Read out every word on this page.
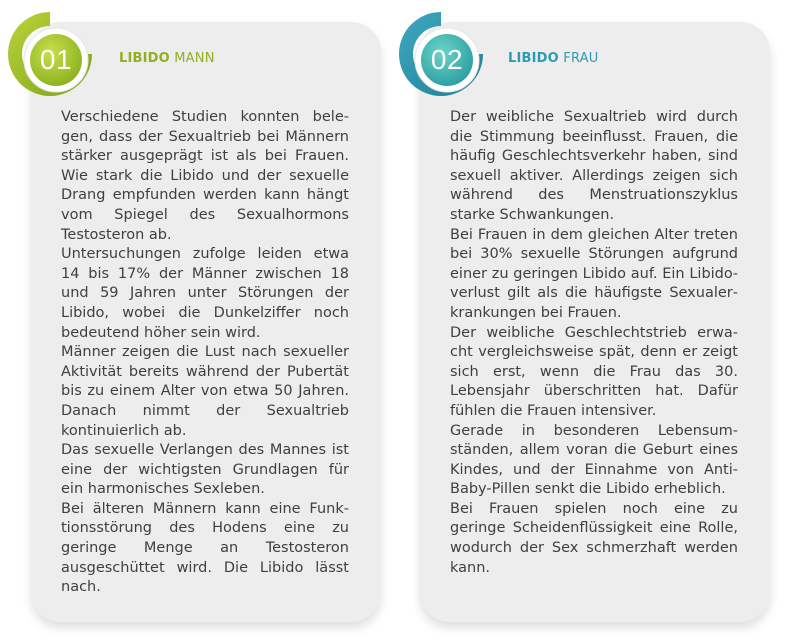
01	LIBIDO MANN

Verschiedene Studien konnten belegen, dass der Sexualtrieb bei Männern stärker ausgeprägt ist als bei Frauen. Wie stark die Libido und der sexuelle Drang empfunden werden kann hängt vom Spiegel des Sexualhormons Testosteron ab.

Untersuchungen zufolge leiden etwa 14 bis 17% der Männer zwischen 18 und 59 Jahren unter Störungen der Libido, wobei die Dunkelziffer noch bedeutend höher sein wird.

Männer zeigen die Lust nach sexueller Aktivität bereits während der Pubertät bis zu einem Alter von etwa 50 Jahren. Danach nimmt der Sexualtrieb kontinuierlich ab.

Das sexuelle Verlangen des Mannes ist eine der wichtigsten Grundlagen für ein harmonisches Sexleben.

Bei älteren Männern kann eine Funktionsstörung des Hodens eine zu geringe Menge an Testosteron ausgeschüttet wird. Die Libido lässt nach.

02	LIBIDO FRAU

Der weibliche Sexualtrieb wird durch die Stimmung beeinflusst. Frauen, die häufig Geschlechtsverkehr haben, sind sexuell aktiver. Allerdings zeigen sich während des Menstruationszyklus starke Schwankungen.

Bei Frauen in dem gleichen Alter treten bei 30% sexuelle Störungen aufgrund einer zu geringen Libido auf. Ein Libidoverlust gilt als die häufigste Sexualerkrankungen bei Frauen.

Der weibliche Geschlechtstrieb erwacht vergleichsweise spät, denn er zeigt sich erst, wenn die Frau das 30. Lebensjahr überschritten hat. Dafür fühlen die Frauen intensiver.

Gerade in besonderen Lebensumständen, allem voran die Geburt eines Kindes, und der Einnahme von Anti-Baby-Pillen senkt die Libido erheblich.

Bei Frauen spielen noch eine zu geringe Scheidenflüssigkeit eine Rolle, wodurch der Sex schmerzhaft werden kann.
